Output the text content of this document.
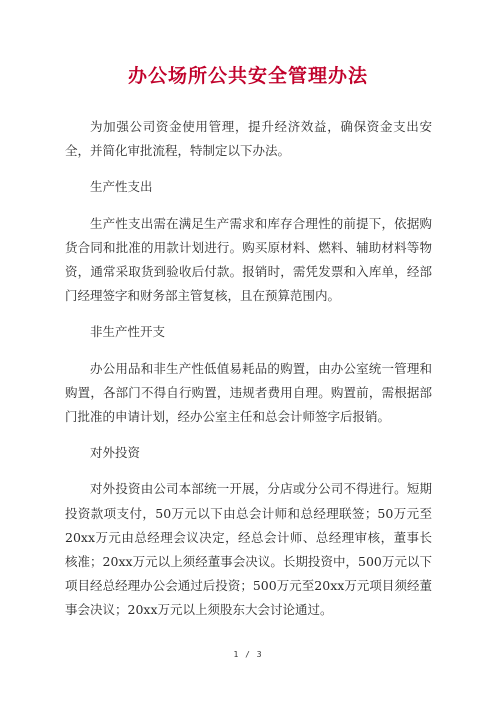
办公场所公共安全管理办法

为加强公司资金使用管理，提升经济效益，确保资金支出安全，并简化审批流程，特制定以下办法。

生产性支出

生产性支出需在满足生产需求和库存合理性的前提下，依据购货合同和批准的用款计划进行。购买原材料、燃料、辅助材料等物资，通常采取货到验收后付款。报销时，需凭发票和入库单，经部门经理签字和财务部主管复核，且在预算范围内。

非生产性开支

办公用品和非生产性低值易耗品的购置，由办公室统一管理和购置，各部门不得自行购置，违规者费用自理。购置前，需根据部门批准的申请计划，经办公室主任和总会计师签字后报销。

对外投资

对外投资由公司本部统一开展，分店或分公司不得进行。短期投资款项支付，50万元以下由总会计师和总经理联签；50万元至20xx万元由总经理会议决定，经总会计师、总经理审核，董事长核准；20xx万元以上须经董事会决议。长期投资中，500万元以下项目经总经理办公会通过后投资；500万元至20xx万元项目须经董事会决议；20xx万元以上须股东大会讨论通过。

1 / 3
